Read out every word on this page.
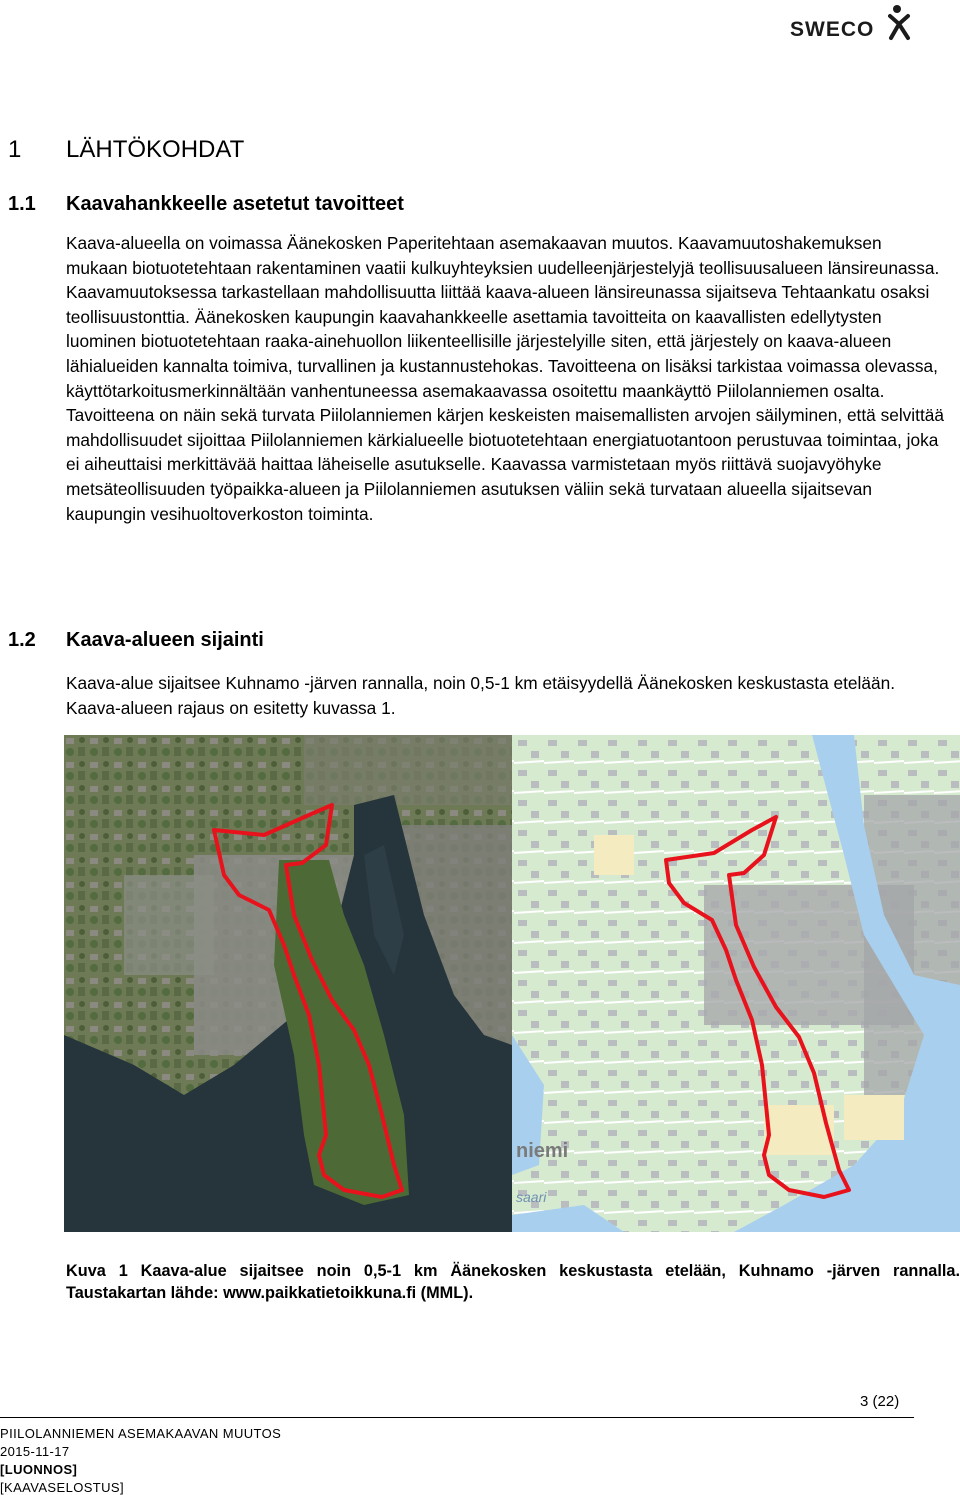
SWECO
1	LÄHTÖKOHDAT
1.1	Kaavahankkeelle asetetut tavoitteet

Kaava-alueella on voimassa Äänekosken Paperitehtaan asemakaavan muutos. Kaavamuutoshakemuksen mukaan biotuotetehtaan rakentaminen vaatii kulkuyhteyksien uudelleenjärjestelyjä teollisuusalueen länsireunassa. Kaavamuutoksessa tarkastellaan mahdollisuutta liittää kaava-alueen länsireunassa sijaitseva Tehtaankatu osaksi teollisuustonttia. Äänekosken kaupungin kaavahankkeelle asettamia tavoitteita on kaavallisten edellytysten luominen biotuotetehtaan raaka-ainehuollon liikenteellisille järjestelyille siten, että järjestely on kaava-alueen lähialueiden kannalta toimiva, turvallinen ja kustannustehokas. Tavoitteena on lisäksi tarkistaa voimassa olevassa, käyttötarkoitusmerkinnältään vanhentuneessa asemakaavassa osoitettu maankäyttö Piilolanniemen osalta. Tavoitteena on näin sekä turvata Piilolanniemen kärjen keskeisten maisemallisten arvojen säilyminen, että selvittää mahdollisuudet sijoittaa Piilolanniemen kärkialueelle biotuotetehtaan energiatuotantoon perustuvaa toimintaa, joka ei aiheuttaisi merkittävää haittaa läheiselle asutukselle. Kaavassa varmistetaan myös riittävä suojavyöhyke metsäteollisuuden työpaikka-alueen ja Piilolanniemen asutuksen väliin sekä turvataan alueella sijaitsevan kaupungin vesihuoltoverkoston toiminta.

1.2	Kaava-alueen sijainti

Kaava-alue sijaitsee Kuhnamo -järven rannalla, noin 0,5-1 km etäisyydellä Äänekosken keskustasta etelään. Kaava-alueen rajaus on esitetty kuvassa 1.

niemi
saari

Kuva 1 Kaava-alue sijaitsee noin 0,5-1 km Äänekosken keskustasta etelään, Kuhnamo -järven rannalla. Taustakartan lähde: www.paikkatietoikkuna.fi (MML).

3 (22)
PIILOLANNIEMEN ASEMAKAAVAN MUUTOS
2015-11-17
[LUONNOS]
[KAAVASELOSTUS]
